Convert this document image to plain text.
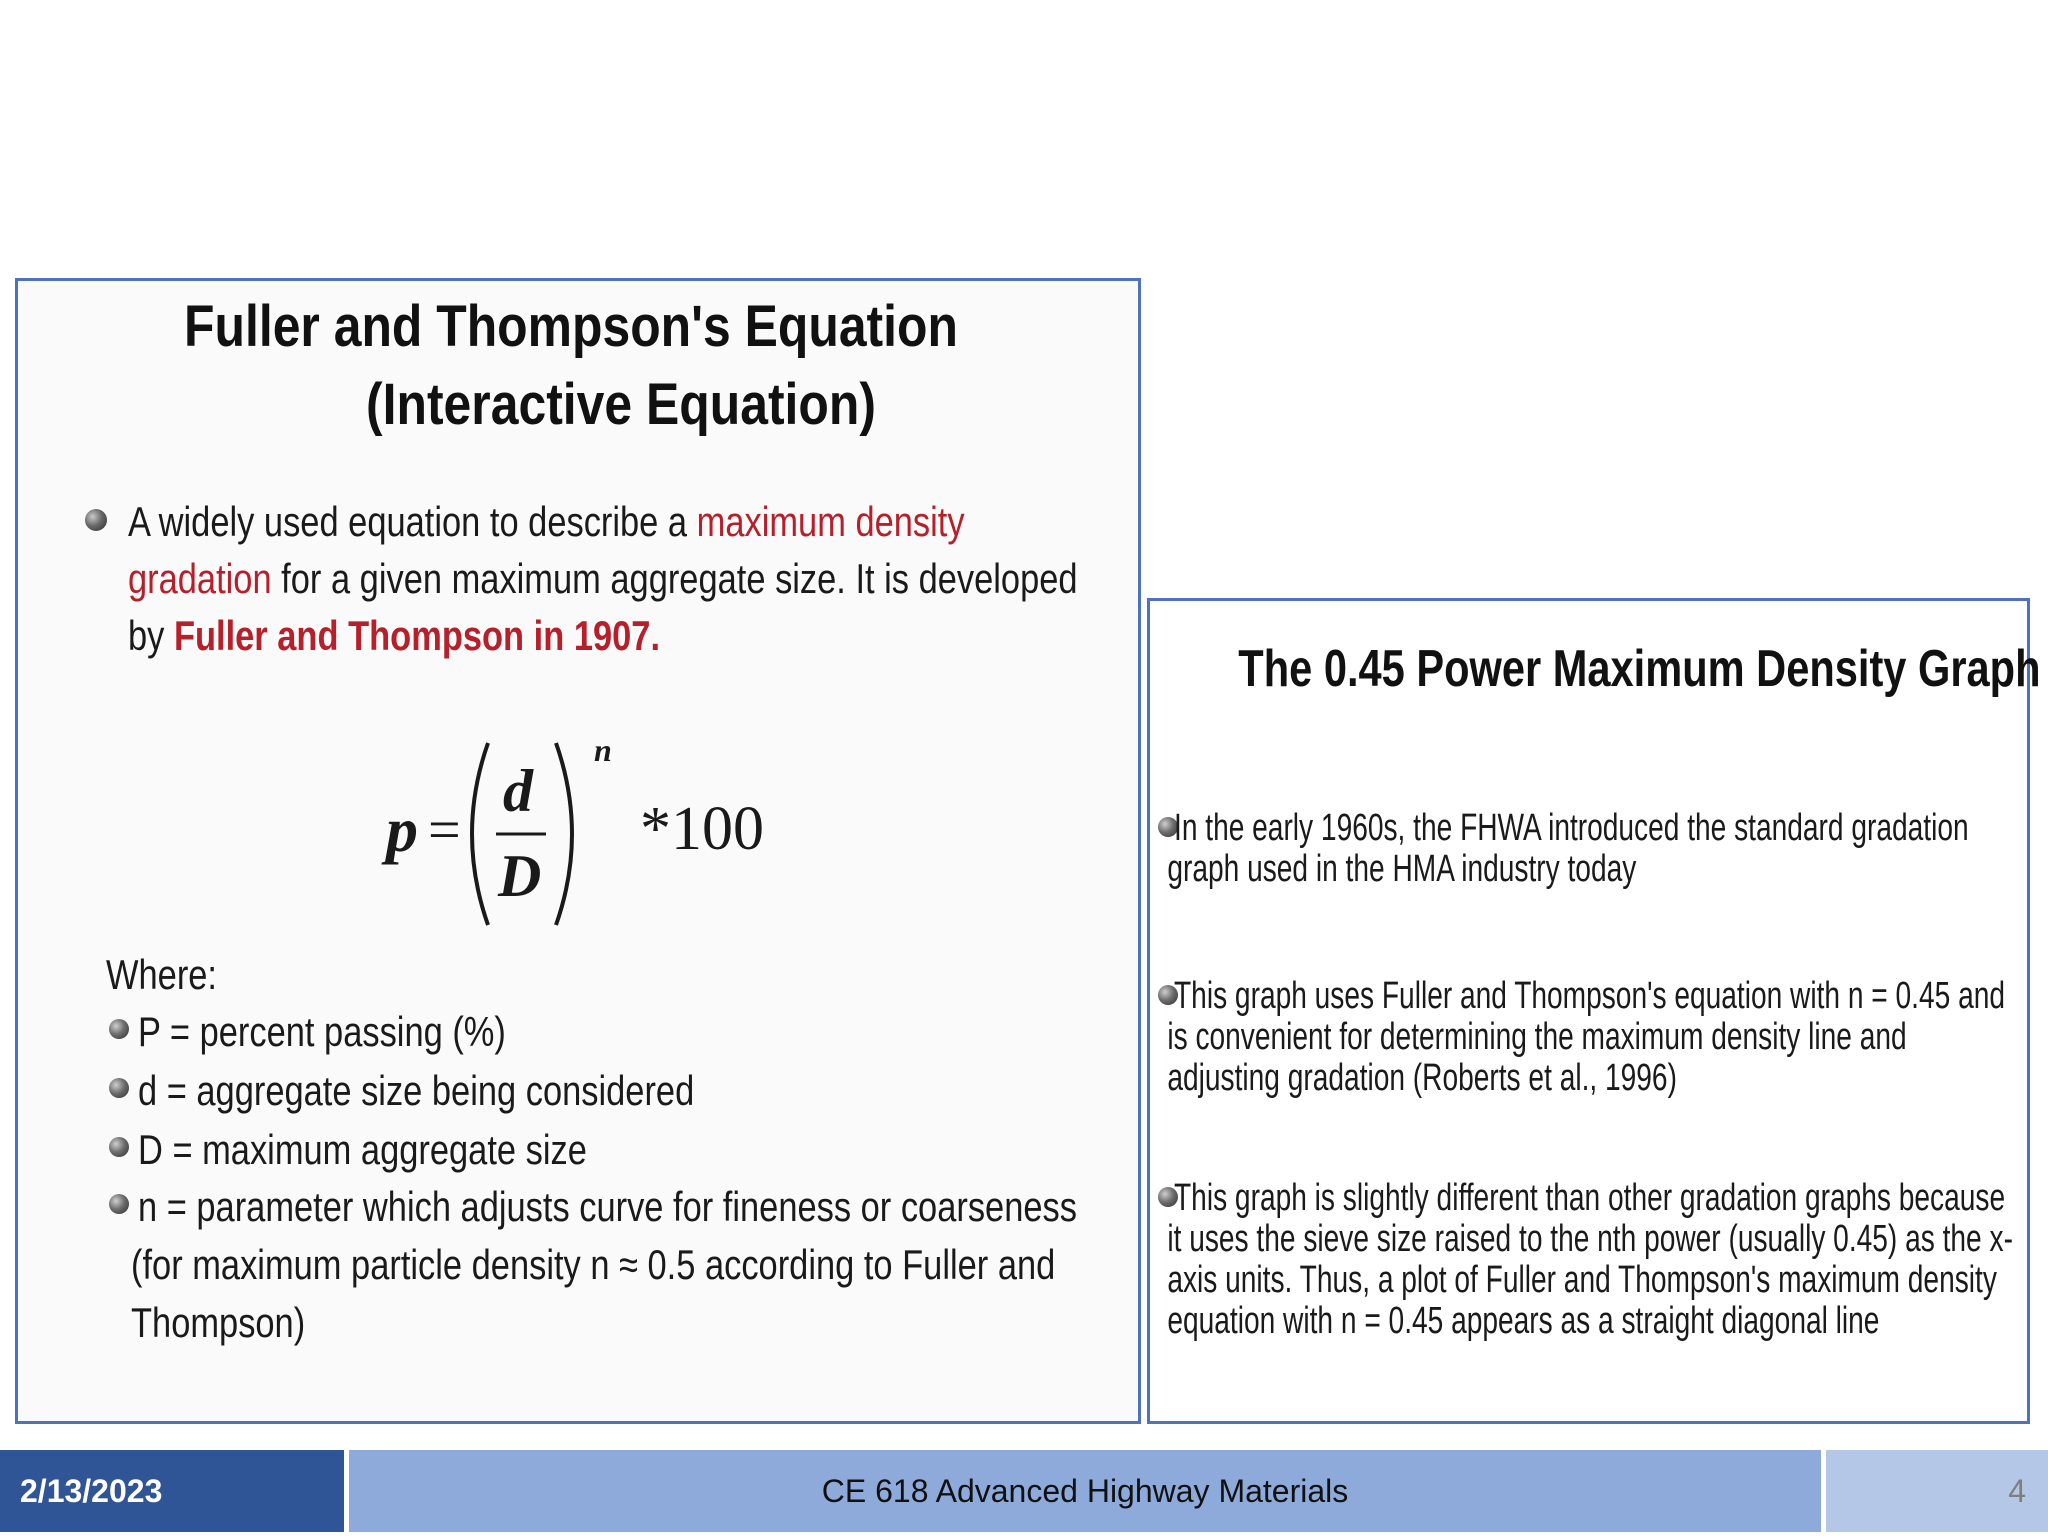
Fuller and Thompson's Equation
(Interactive Equation)
A widely used equation to describe a maximum density
gradation for a given maximum aggregate size. It is developed
by Fuller and Thompson in 1907.
p =
d
D
n
*100
Where:
P = percent passing (%)
d = aggregate size being considered
D = maximum aggregate size
n = parameter which adjusts curve for fineness or coarseness
(for maximum particle density n ≈ 0.5 according to Fuller and
Thompson)
The 0.45 Power Maximum Density Graph
In the early 1960s, the FHWA introduced the standard gradation
graph used in the HMA industry today
This graph uses Fuller and Thompson's equation with n = 0.45 and
is convenient for determining the maximum density line and
adjusting gradation (Roberts et al., 1996)
This graph is slightly different than other gradation graphs because
it uses the sieve size raised to the nth power (usually 0.45) as the x-
axis units. Thus, a plot of Fuller and Thompson's maximum density
equation with n = 0.45 appears as a straight diagonal line
2/13/2023	CE 618 Advanced Highway Materials	4
